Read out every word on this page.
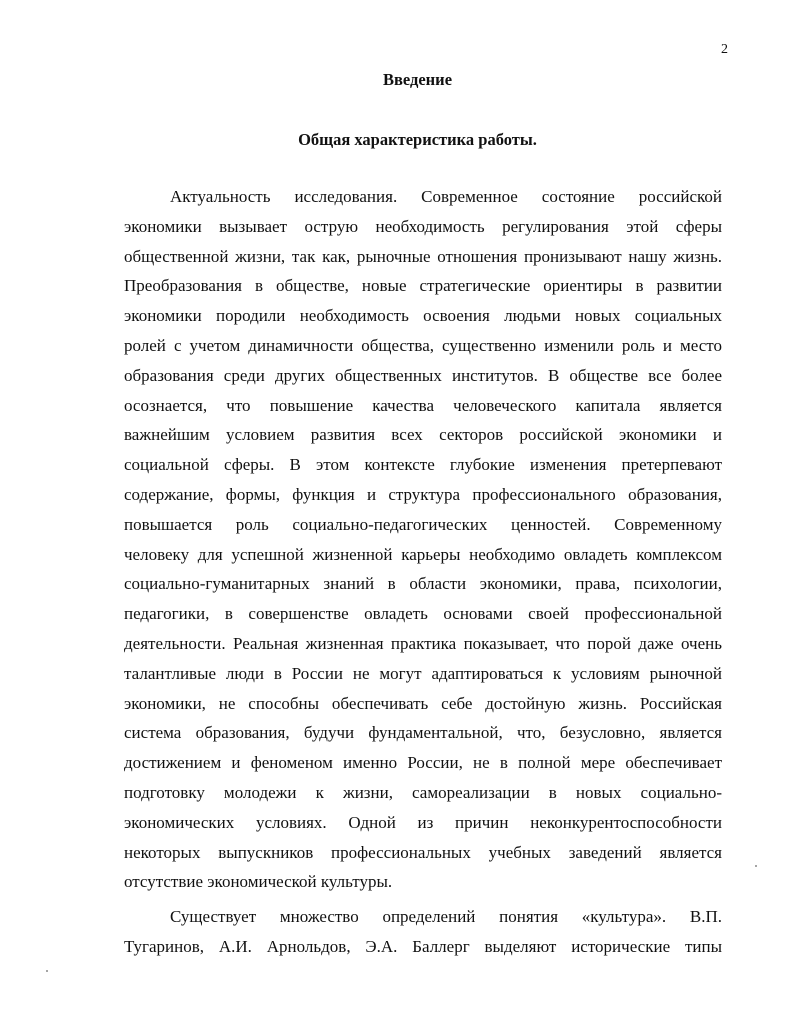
2
Введение
Общая характеристика работы.
Актуальность исследования. Современное состояние российской
экономики вызывает острую необходимость регулирования этой сферы
общественной жизни, так как, рыночные отношения пронизывают нашу жизнь.
Преобразования в обществе, новые стратегические ориентиры в развитии
экономики породили необходимость освоения людьми новых социальных
ролей с учетом динамичности общества, существенно изменили роль и место
образования среди других общественных институтов. В обществе все более
осознается, что повышение качества человеческого капитала является
важнейшим условием развития всех секторов российской экономики и
социальной сферы. В этом контексте глубокие изменения претерпевают
содержание, формы, функция и структура профессионального образования,
повышается роль социально-педагогических ценностей. Современному
человеку для успешной жизненной карьеры необходимо овладеть комплексом
социально-гуманитарных знаний в области экономики, права, психологии,
педагогики, в совершенстве овладеть основами своей профессиональной
деятельности. Реальная жизненная практика показывает, что порой даже очень
талантливые люди в России не могут адаптироваться к условиям рыночной
экономики, не способны обеспечивать себе достойную жизнь. Российская
система образования, будучи фундаментальной, что, безусловно, является
достижением и феноменом именно России, не в полной мере обеспечивает
подготовку молодежи к жизни, самореализации в новых социально-
экономических условиях. Одной из причин неконкурентоспособности
некоторых выпускников профессиональных учебных заведений является
отсутствие экономической культуры.
Существует множество определений понятия «культура». В.П.
Тугаринов, А.И. Арнольдов, Э.А. Баллерг выделяют исторические типы
